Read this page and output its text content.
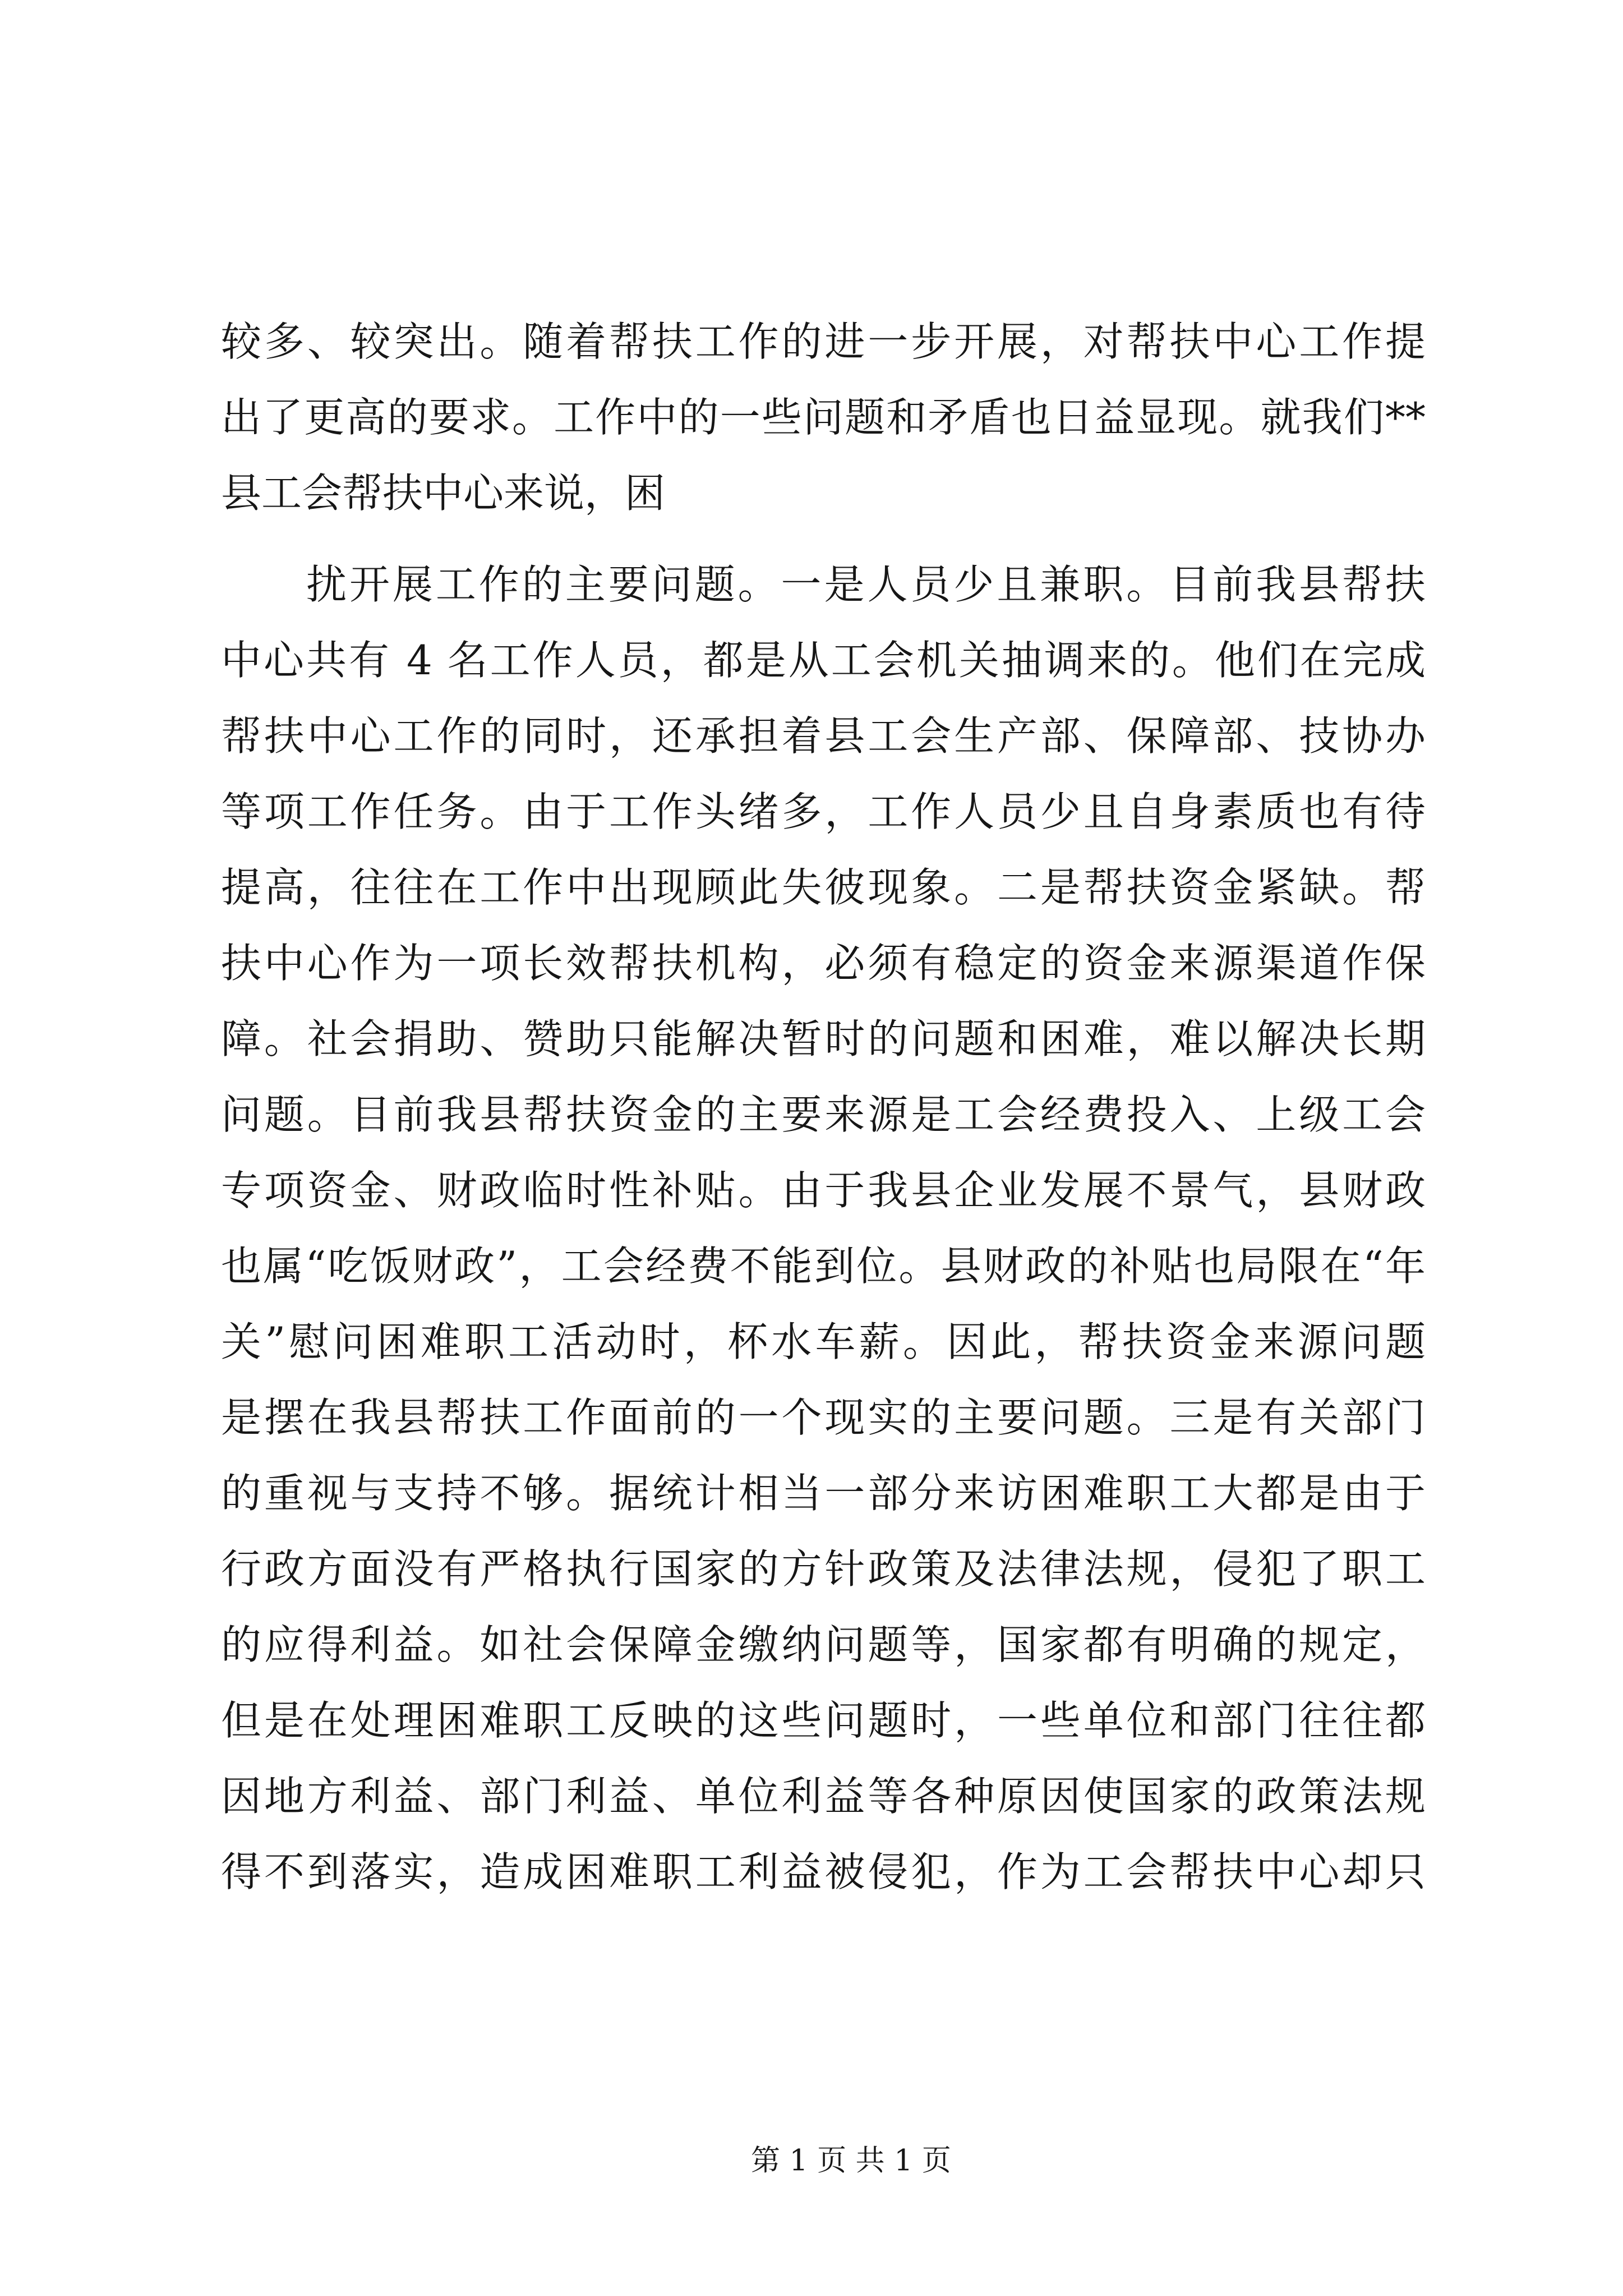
较多、较突出。随着帮扶工作的进一步开展，对帮扶中心工作提
出了更高的要求。工作中的一些问题和矛盾也日益显现。就我们**
县工会帮扶中心来说，困
扰开展工作的主要问题。一是人员少且兼职。目前我县帮扶
中心共有 4 名工作人员，都是从工会机关抽调来的。他们在完成
帮扶中心工作的同时，还承担着县工会生产部、保障部、技协办
等项工作任务。由于工作头绪多，工作人员少且自身素质也有待
提高，往往在工作中出现顾此失彼现象。二是帮扶资金紧缺。帮
扶中心作为一项长效帮扶机构，必须有稳定的资金来源渠道作保
障。社会捐助、赞助只能解决暂时的问题和困难，难以解决长期
问题。目前我县帮扶资金的主要来源是工会经费投入、上级工会
专项资金、财政临时性补贴。由于我县企业发展不景气，县财政
也属“吃饭财政”，工会经费不能到位。县财政的补贴也局限在“年
关”慰问困难职工活动时，杯水车薪。因此，帮扶资金来源问题
是摆在我县帮扶工作面前的一个现实的主要问题。三是有关部门
的重视与支持不够。据统计相当一部分来访困难职工大都是由于
行政方面没有严格执行国家的方针政策及法律法规，侵犯了职工
的应得利益。如社会保障金缴纳问题等，国家都有明确的规定，
但是在处理困难职工反映的这些问题时，一些单位和部门往往都
因地方利益、部门利益、单位利益等各种原因使国家的政策法规
得不到落实，造成困难职工利益被侵犯，作为工会帮扶中心却只
第 1 页 共 1 页
